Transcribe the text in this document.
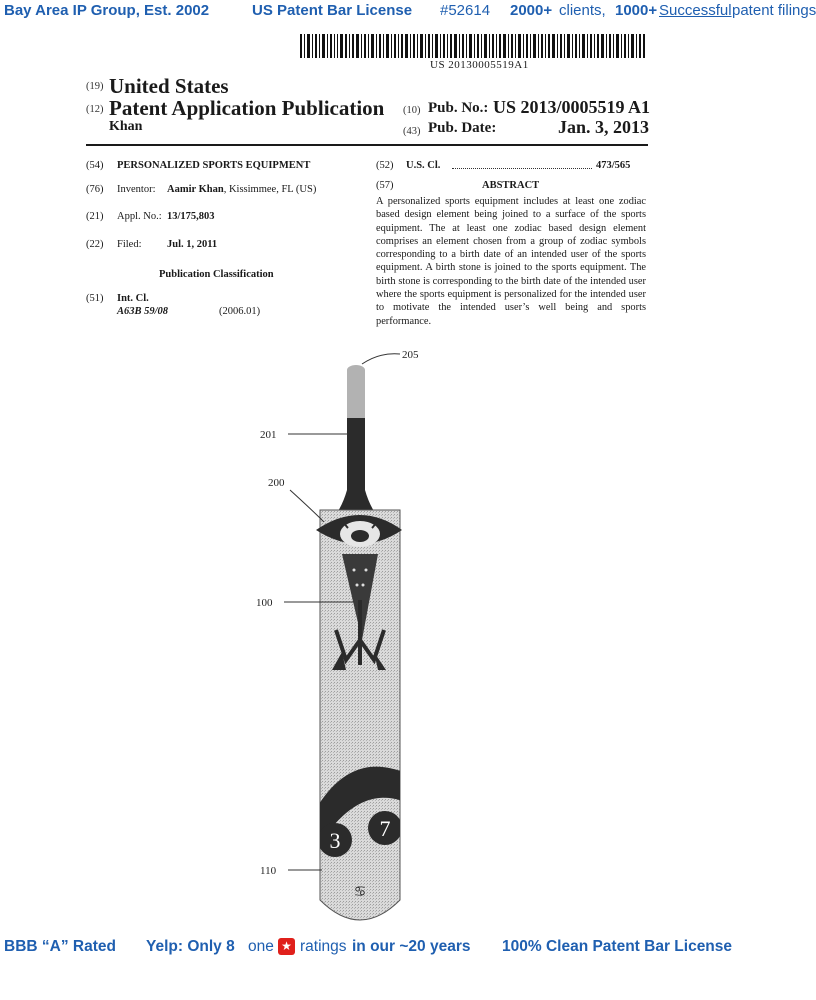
Bay Area IP Group, Est. 2002	US Patent Bar License #52614 2000+ clients, 1000+ Successful patent filings
US 20130005519A1
(19) United States
(12) Patent Application Publication
Khan
(10) Pub. No.: US 2013/0005519 A1
(43) Pub. Date:	Jan. 3, 2013
(54) PERSONALIZED SPORTS EQUIPMENT
(76) Inventor: Aamir Khan, Kissimmee, FL (US)
(21) Appl. No.: 13/175,803
(22) Filed: Jul. 1, 2011
Publication Classification
(51) Int. Cl.
A63B 59/08	(2006.01)
(52) U.S. Cl.	473/565
(57)	ABSTRACT
A personalized sports equipment includes at least one zodiac based design element being joined to a surface of the sports equipment. The at least one zodiac based design element comprises an element chosen from a group of zodiac symbols corresponding to a birth date of an intended user of the sports equipment. A birth stone is joined to the sports equipment. The birth stone is corresponding to the birth date of the intended user where the sports equipment is personalized for the intended user to motivate the intended user’s well being and sports performance.
3 7
♋
205
201
200
100
110
BBB “A” Rated Yelp: Only 8 one ★ ratings in our ~20 years 100% Clean Patent Bar License
